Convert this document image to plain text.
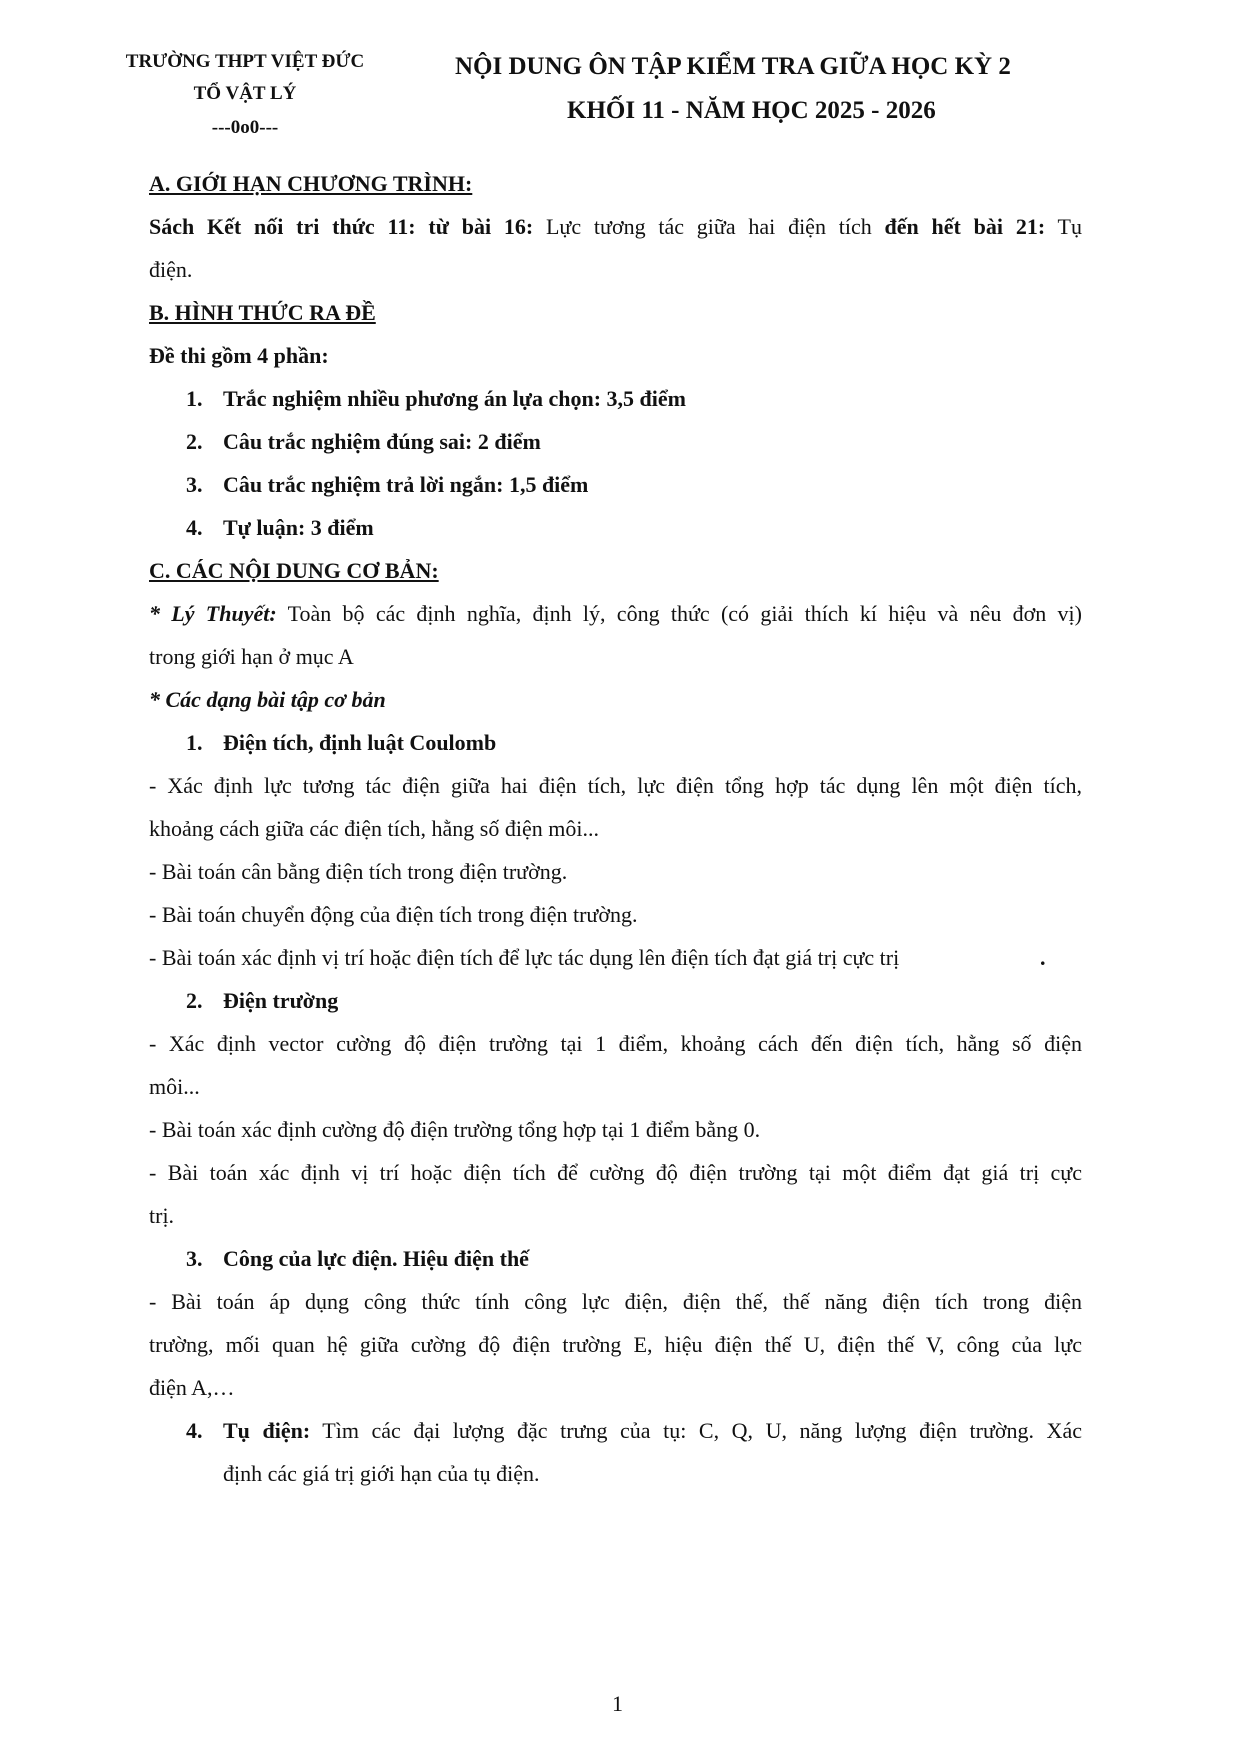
TRƯỜNG THPT VIỆT ĐỨC
TỔ VẬT LÝ
---0o0---
NỘI DUNG ÔN TẬP KIỂM TRA GIỮA HỌC KỲ 2
KHỐI 11 - NĂM HỌC 2025 - 2026
A. GIỚI HẠN CHƯƠNG TRÌNH:
Sách Kết nối tri thức 11: từ bài 16: Lực tương tác giữa hai điện tích đến hết bài 21: Tụ
điện.
B. HÌNH THỨC RA ĐỀ
Đề thi gồm 4 phần:
1. Trắc nghiệm nhiều phương án lựa chọn: 3,5 điểm
2. Câu trắc nghiệm đúng sai: 2 điểm
3. Câu trắc nghiệm trả lời ngắn: 1,5 điểm
4. Tự luận: 3 điểm
C. CÁC NỘI DUNG CƠ BẢN:
* Lý Thuyết: Toàn bộ các định nghĩa, định lý, công thức (có giải thích kí hiệu và nêu đơn vị)
trong giới hạn ở mục A
* Các dạng bài tập cơ bản
1. Điện tích, định luật Coulomb
- Xác định lực tương tác điện giữa hai điện tích, lực điện tổng hợp tác dụng lên một điện tích,
khoảng cách giữa các điện tích, hằng số điện môi...
- Bài toán cân bằng điện tích trong điện trường.
- Bài toán chuyển động của điện tích trong điện trường.
- Bài toán xác định vị trí hoặc điện tích để lực tác dụng lên điện tích đạt giá trị cực trị	.
2. Điện trường
- Xác định vector cường độ điện trường tại 1 điểm, khoảng cách đến điện tích, hằng số điện
môi...
- Bài toán xác định cường độ điện trường tổng hợp tại 1 điểm bằng 0.
- Bài toán xác định vị trí hoặc điện tích để cường độ điện trường tại một điểm đạt giá trị cực
trị.
3. Công của lực điện. Hiệu điện thế
- Bài toán áp dụng công thức tính công lực điện, điện thế, thế năng điện tích trong điện
trường, mối quan hệ giữa cường độ điện trường E, hiệu điện thế U, điện thế V, công của lực
điện A,…
4. Tụ điện: Tìm các đại lượng đặc trưng của tụ: C, Q, U, năng lượng điện trường. Xác
định các giá trị giới hạn của tụ điện.
1
